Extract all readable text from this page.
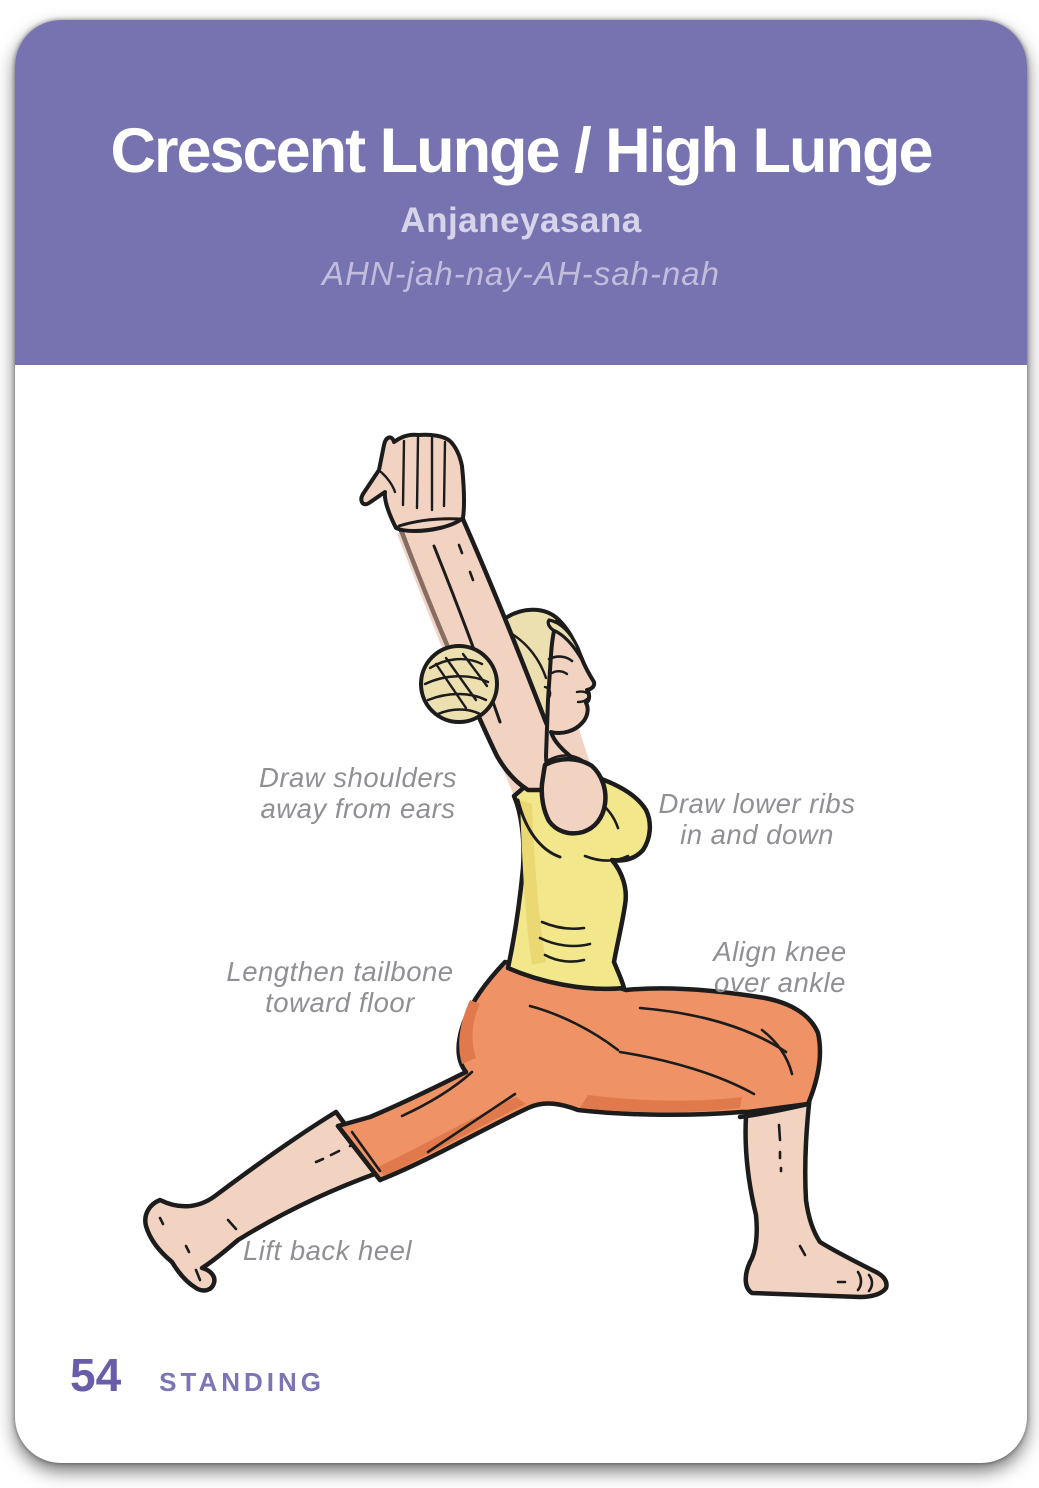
Crescent Lunge / High Lunge
Anjaneyasana
AHN-jah-nay-AH-sah-nah
Draw shoulders
away from ears	Draw lower ribs
in and down
Lengthen tailbone
toward floor
Align knee
over ankle
Lift back heel
54 STANDING
